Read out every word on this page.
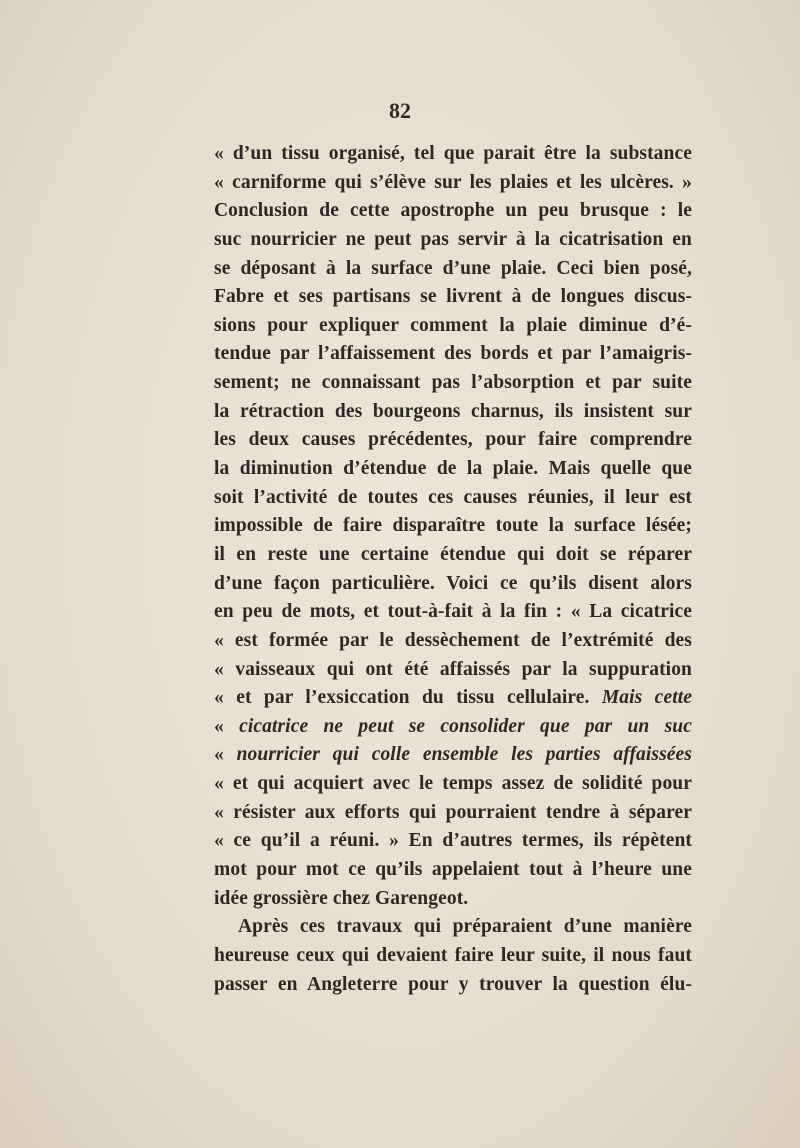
82
« d’un tissu organisé, tel que parait être la substance
« carniforme qui s’élève sur les plaies et les ulcères. »
Conclusion de cette apostrophe un peu brusque : le
suc nourricier ne peut pas servir à la cicatrisation en
se déposant à la surface d’une plaie. Ceci bien posé,
Fabre et ses partisans se livrent à de longues discus-
sions pour expliquer comment la plaie diminue d’é-
tendue par l’affaissement des bords et par l’amaigris-
sement; ne connaissant pas l’absorption et par suite
la rétraction des bourgeons charnus, ils insistent sur
les deux causes précédentes, pour faire comprendre
la diminution d’étendue de la plaie. Mais quelle que
soit l’activité de toutes ces causes réunies, il leur est
impossible de faire disparaître toute la surface lésée;
il en reste une certaine étendue qui doit se réparer
d’une façon particulière. Voici ce qu’ils disent alors
en peu de mots, et tout-à-fait à la fin : « La cicatrice
« est formée par le dessèchement de l’extrémité des
« vaisseaux qui ont été affaissés par la suppuration
« et par l’exsiccation du tissu cellulaire. Mais cette
« cicatrice ne peut se consolider que par un suc
« nourricier qui colle ensemble les parties affaissées
« et qui acquiert avec le temps assez de solidité pour
« résister aux efforts qui pourraient tendre à séparer
« ce qu’il a réuni. » En d’autres termes, ils répètent
mot pour mot ce qu’ils appelaient tout à l’heure une
idée grossière chez Garengeot.
Après ces travaux qui préparaient d’une manière
heureuse ceux qui devaient faire leur suite, il nous faut
passer en Angleterre pour y trouver la question élu-
